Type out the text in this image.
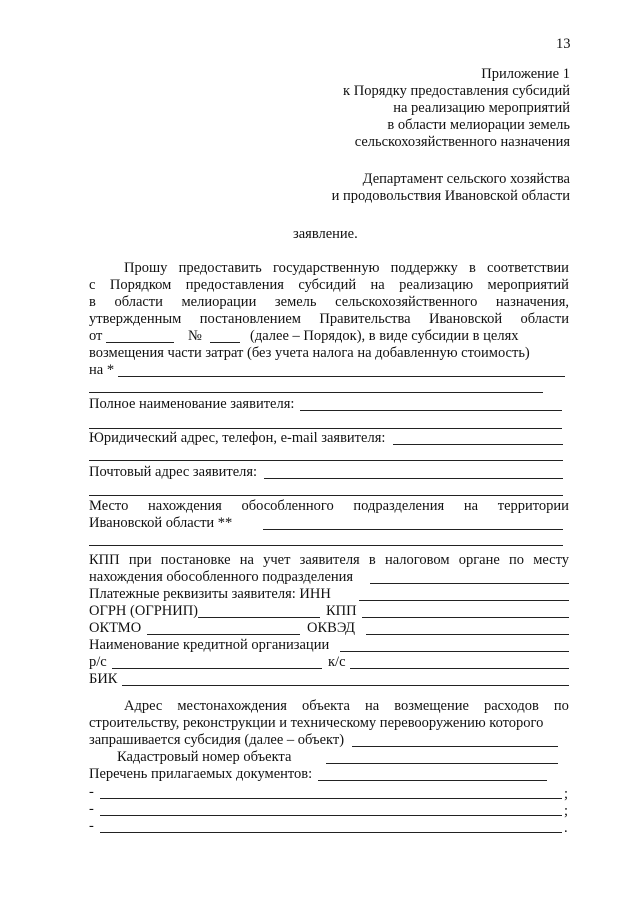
13
Приложение 1
к Порядку предоставления субсидий
на реализацию мероприятий
в области мелиорации земель
сельскохозяйственного назначения
Департамент сельского хозяйства
и продовольствия Ивановской области
заявление.
Прошу предоставить государственную поддержку в соответствии
с Порядком предоставления субсидий на реализацию мероприятий
в области мелиорации земель сельскохозяйственного назначения,
утвержденным постановлением Правительства Ивановской области
от	№	(далее – Порядок), в виде субсидии в целях
возмещения части затрат (без учета налога на добавленную стоимость)
на *
Полное наименование заявителя:
Юридический адрес, телефон, e-mail заявителя:
Почтовый адрес заявителя:
Место нахождения обособленного подразделения на территории
Ивановской области **
КПП при постановке на учет заявителя в налоговом органе по месту
нахождения обособленного подразделения
Платежные реквизиты заявителя: ИНН
ОГРН (ОГРНИП)	КПП
ОКТМО	ОКВЭД
Наименование кредитной организации
р/с	к/с
БИК
Адрес местонахождения объекта на возмещение расходов по
строительству, реконструкции и техническому перевооружению которого
запрашивается субсидия (далее – объект)
Кадастровый номер объекта
Перечень прилагаемых документов:
-	;
-	;
-	.
